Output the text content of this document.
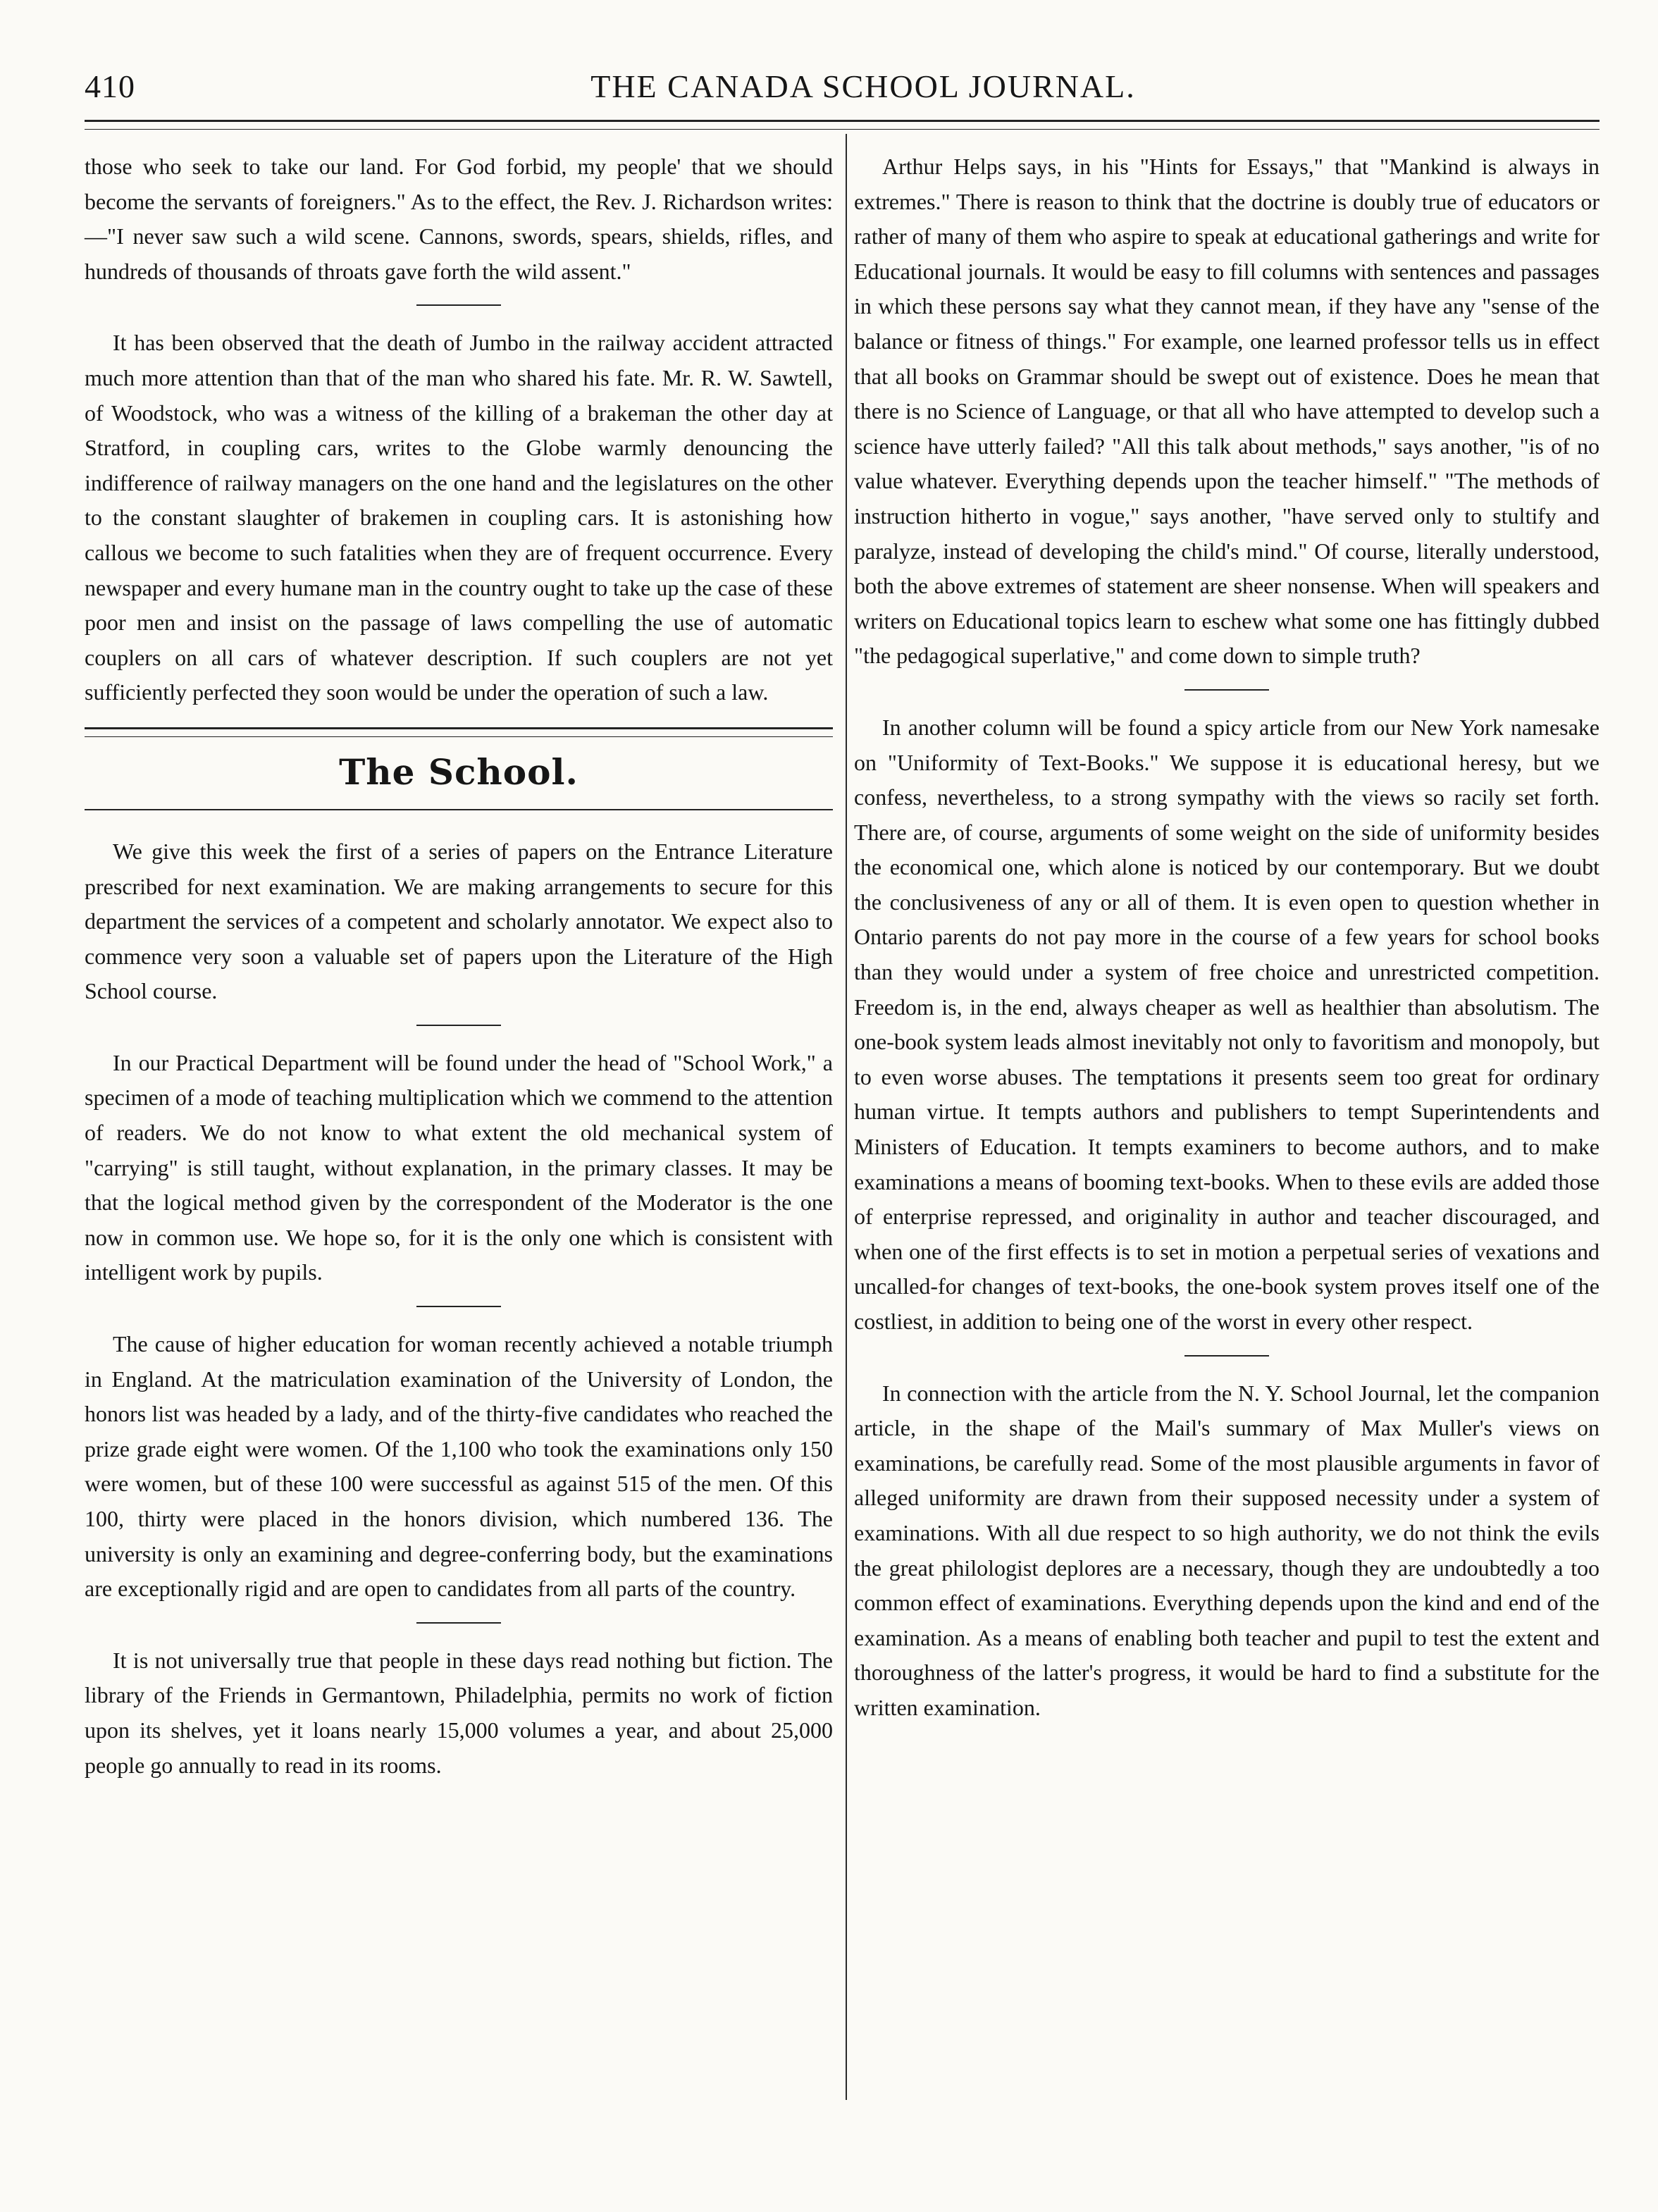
410	THE CANADA SCHOOL JOURNAL.

those who seek to take our land. For God forbid, my people' that we should become the servants of foreigners." As to the effect, the Rev. J. Richardson writes:—"I never saw such a wild scene. Cannons, swords, spears, shields, rifles, and hundreds of thousands of throats gave forth the wild assent."

It has been observed that the death of Jumbo in the railway accident attracted much more attention than that of the man who shared his fate. Mr. R. W. Sawtell, of Woodstock, who was a witness of the killing of a brakeman the other day at Stratford, in coupling cars, writes to the Globe warmly denouncing the indifference of railway managers on the one hand and the legislatures on the other to the constant slaughter of brakemen in coupling cars. It is astonishing how callous we become to such fatalities when they are of frequent occurrence. Every newspaper and every humane man in the country ought to take up the case of these poor men and insist on the passage of laws compelling the use of automatic couplers on all cars of whatever description. If such couplers are not yet sufficiently perfected they soon would be under the operation of such a law.

The School.

We give this week the first of a series of papers on the Entrance Literature prescribed for next examination. We are making arrangements to secure for this department the services of a competent and scholarly annotator. We expect also to commence very soon a valuable set of papers upon the Literature of the High School course.

In our Practical Department will be found under the head of "School Work," a specimen of a mode of teaching multiplication which we commend to the attention of readers. We do not know to what extent the old mechanical system of "carrying" is still taught, without explanation, in the primary classes. It may be that the logical method given by the correspondent of the Moderator is the one now in common use. We hope so, for it is the only one which is consistent with intelligent work by pupils.

The cause of higher education for woman recently achieved a notable triumph in England. At the matriculation examination of the University of London, the honors list was headed by a lady, and of the thirty-five candidates who reached the prize grade eight were women. Of the 1,100 who took the examinations only 150 were women, but of these 100 were successful as against 515 of the men. Of this 100, thirty were placed in the honors division, which numbered 136. The university is only an examining and degree-conferring body, but the examinations are exceptionally rigid and are open to candidates from all parts of the country.

It is not universally true that people in these days read nothing but fiction. The library of the Friends in Germantown, Philadelphia, permits no work of fiction upon its shelves, yet it loans nearly 15,000 volumes a year, and about 25,000 people go annually to read in its rooms.

Arthur Helps says, in his "Hints for Essays," that "Mankind is always in extremes." There is reason to think that the doctrine is doubly true of educators or rather of many of them who aspire to speak at educational gatherings and write for Educational journals. It would be easy to fill columns with sentences and passages in which these persons say what they cannot mean, if they have any "sense of the balance or fitness of things." For example, one learned professor tells us in effect that all books on Grammar should be swept out of existence. Does he mean that there is no Science of Language, or that all who have attempted to develop such a science have utterly failed? "All this talk about methods," says another, "is of no value whatever. Everything depends upon the teacher himself." "The methods of instruction hitherto in vogue," says another, "have served only to stultify and paralyze, instead of developing the child's mind." Of course, literally understood, both the above extremes of statement are sheer nonsense. When will speakers and writers on Educational topics learn to eschew what some one has fittingly dubbed "the pedagogical superlative," and come down to simple truth?

In another column will be found a spicy article from our New York namesake on "Uniformity of Text-Books." We suppose it is educational heresy, but we confess, nevertheless, to a strong sympathy with the views so racily set forth. There are, of course, arguments of some weight on the side of uniformity besides the economical one, which alone is noticed by our contemporary. But we doubt the conclusiveness of any or all of them. It is even open to question whether in Ontario parents do not pay more in the course of a few years for school books than they would under a system of free choice and unrestricted competition. Freedom is, in the end, always cheaper as well as healthier than absolutism. The one-book system leads almost inevitably not only to favoritism and monopoly, but to even worse abuses. The temptations it presents seem too great for ordinary human virtue. It tempts authors and publishers to tempt Superintendents and Ministers of Education. It tempts examiners to become authors, and to make examinations a means of booming text-books. When to these evils are added those of enterprise repressed, and originality in author and teacher discouraged, and when one of the first effects is to set in motion a perpetual series of vexations and uncalled-for changes of text-books, the one-book system proves itself one of the costliest, in addition to being one of the worst in every other respect.

In connection with the article from the N. Y. School Journal, let the companion article, in the shape of the Mail's summary of Max Muller's views on examinations, be carefully read. Some of the most plausible arguments in favor of alleged uniformity are drawn from their supposed necessity under a system of examinations. With all due respect to so high authority, we do not think the evils the great philologist deplores are a necessary, though they are undoubtedly a too common effect of examinations. Everything depends upon the kind and end of the examination. As a means of enabling both teacher and pupil to test the extent and thoroughness of the latter's progress, it would be hard to find a substitute for the written examination.
